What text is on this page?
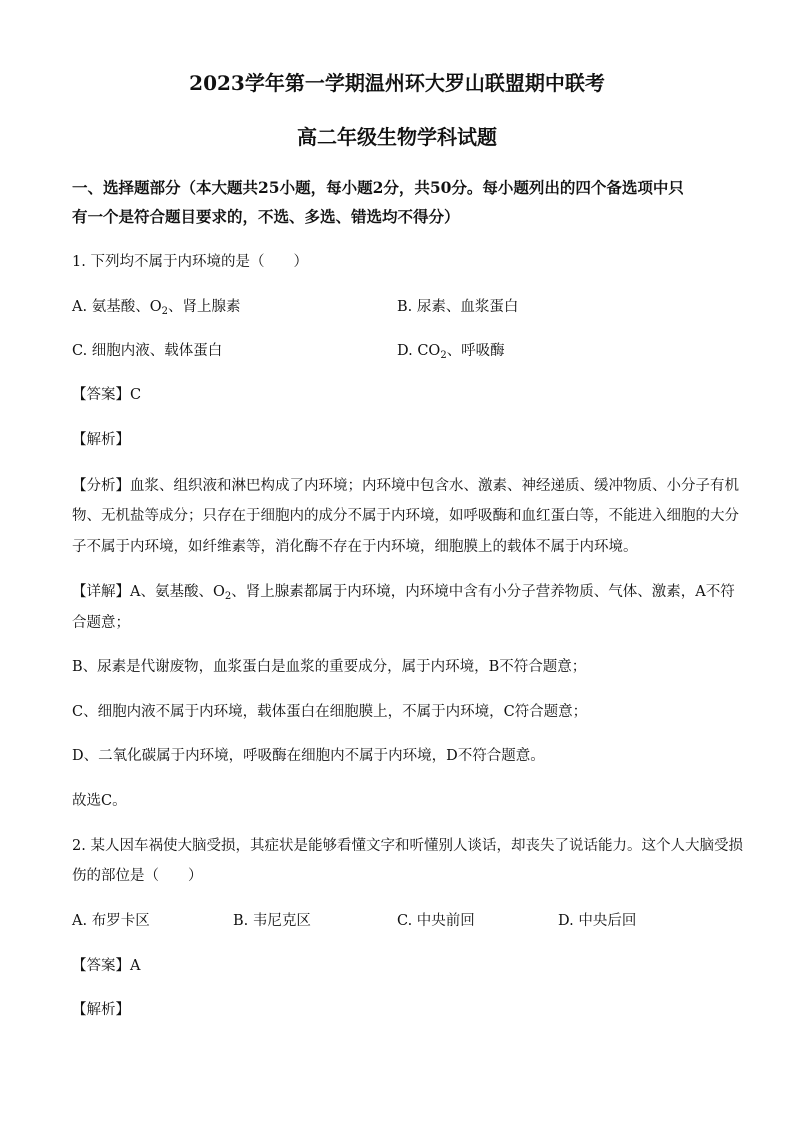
2023学年第一学期温州环大罗山联盟期中联考
高二年级生物学科试题
一、选择题部分（本大题共25小题，每小题2分，共50分。每小题列出的四个备选项中只
有一个是符合题目要求的，不选、多选、错选均不得分）
1. 下列均不属于内环境的是（　　）
A. 氨基酸、$O_2$、肾上腺素	B. 尿素、血浆蛋白
C. 细胞内液、载体蛋白	D. $CO_2$、呼吸酶
【答案】C
【解析】
【分析】血浆、组织液和淋巴构成了内环境；内环境中包含水、激素、神经递质、缓冲物质、小分子有机
物、无机盐等成分；只存在于细胞内的成分不属于内环境，如呼吸酶和血红蛋白等，不能进入细胞的大分
子不属于内环境，如纤维素等，消化酶不存在于内环境，细胞膜上的载体不属于内环境。
【详解】A、氨基酸、$O_2$、肾上腺素都属于内环境，内环境中含有小分子营养物质、气体、激素，A不符
合题意；
B、尿素是代谢废物，血浆蛋白是血浆的重要成分，属于内环境，B不符合题意；
C、细胞内液不属于内环境，载体蛋白在细胞膜上，不属于内环境，C符合题意；
D、二氧化碳属于内环境，呼吸酶在细胞内不属于内环境，D不符合题意。
故选C。
2. 某人因车祸使大脑受损，其症状是能够看懂文字和听懂别人谈话，却丧失了说话能力。这个人大脑受损
伤的部位是（　　）
A. 布罗卡区	B. 韦尼克区	C. 中央前回	D. 中央后回
【答案】A
【解析】
